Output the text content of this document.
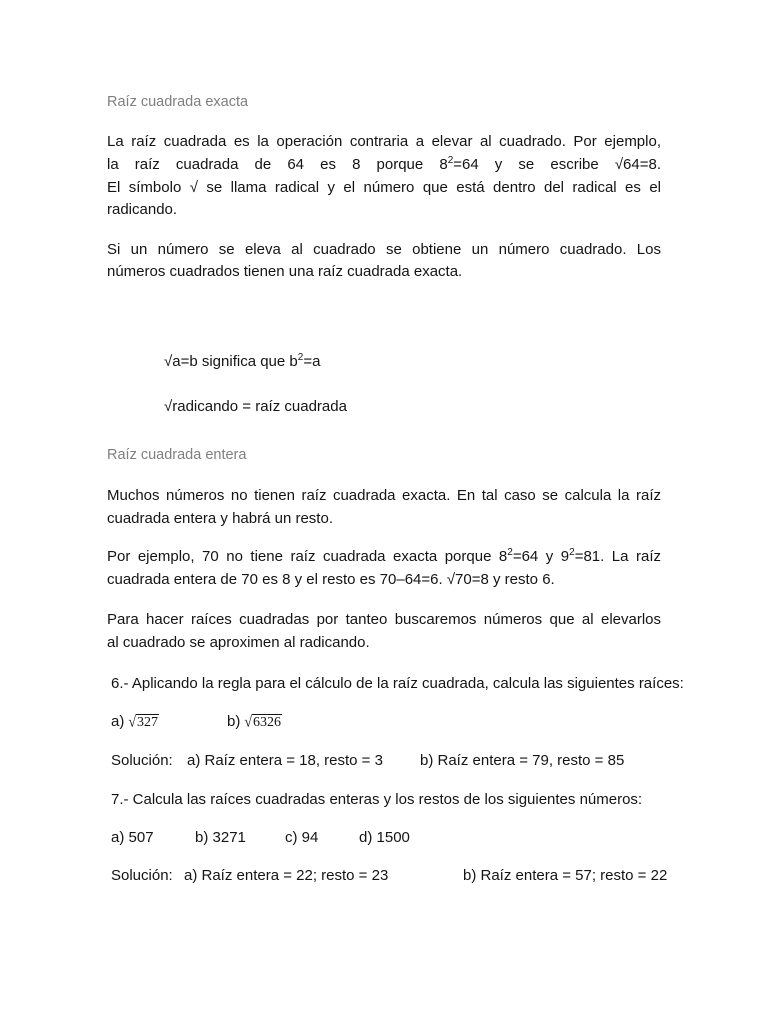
Raíz cuadrada exacta
La raíz cuadrada es la operación contraria a elevar al cuadrado. Por ejemplo,
la raíz cuadrada de 64 es 8 porque $8^2=64$ y se escribe √64=8.
El símbolo √ se llama radical y el número que está dentro del radical es el
radicando.
Si un número se eleva al cuadrado se obtiene un número cuadrado. Los
números cuadrados tienen una raíz cuadrada exacta.
√a=b significa que $b^2=a$
√radicando = raíz cuadrada
Raíz cuadrada entera
Muchos números no tienen raíz cuadrada exacta. En tal caso se calcula la raíz
cuadrada entera y habrá un resto.
Por ejemplo, 70 no tiene raíz cuadrada exacta porque $8^2=64$ y $9^2=81$. La raíz
cuadrada entera de 70 es 8 y el resto es 70–64=6. √70=8 y resto 6.
Para hacer raíces cuadradas por tanteo buscaremos números que al elevarlos
al cuadrado se aproximen al radicando.
6.- Aplicando la regla para el cálculo de la raíz cuadrada, calcula las siguientes raíces:
a) √327	b) √6326
Solución: a) Raíz entera = 18, resto = 3 b) Raíz entera = 79, resto = 85
7.- Calcula las raíces cuadradas enteras y los restos de los siguientes números:
a) 507	b) 3271	c) 94	d) 1500
Solución: a) Raíz entera = 22; resto = 23	b) Raíz entera = 57; resto = 22
